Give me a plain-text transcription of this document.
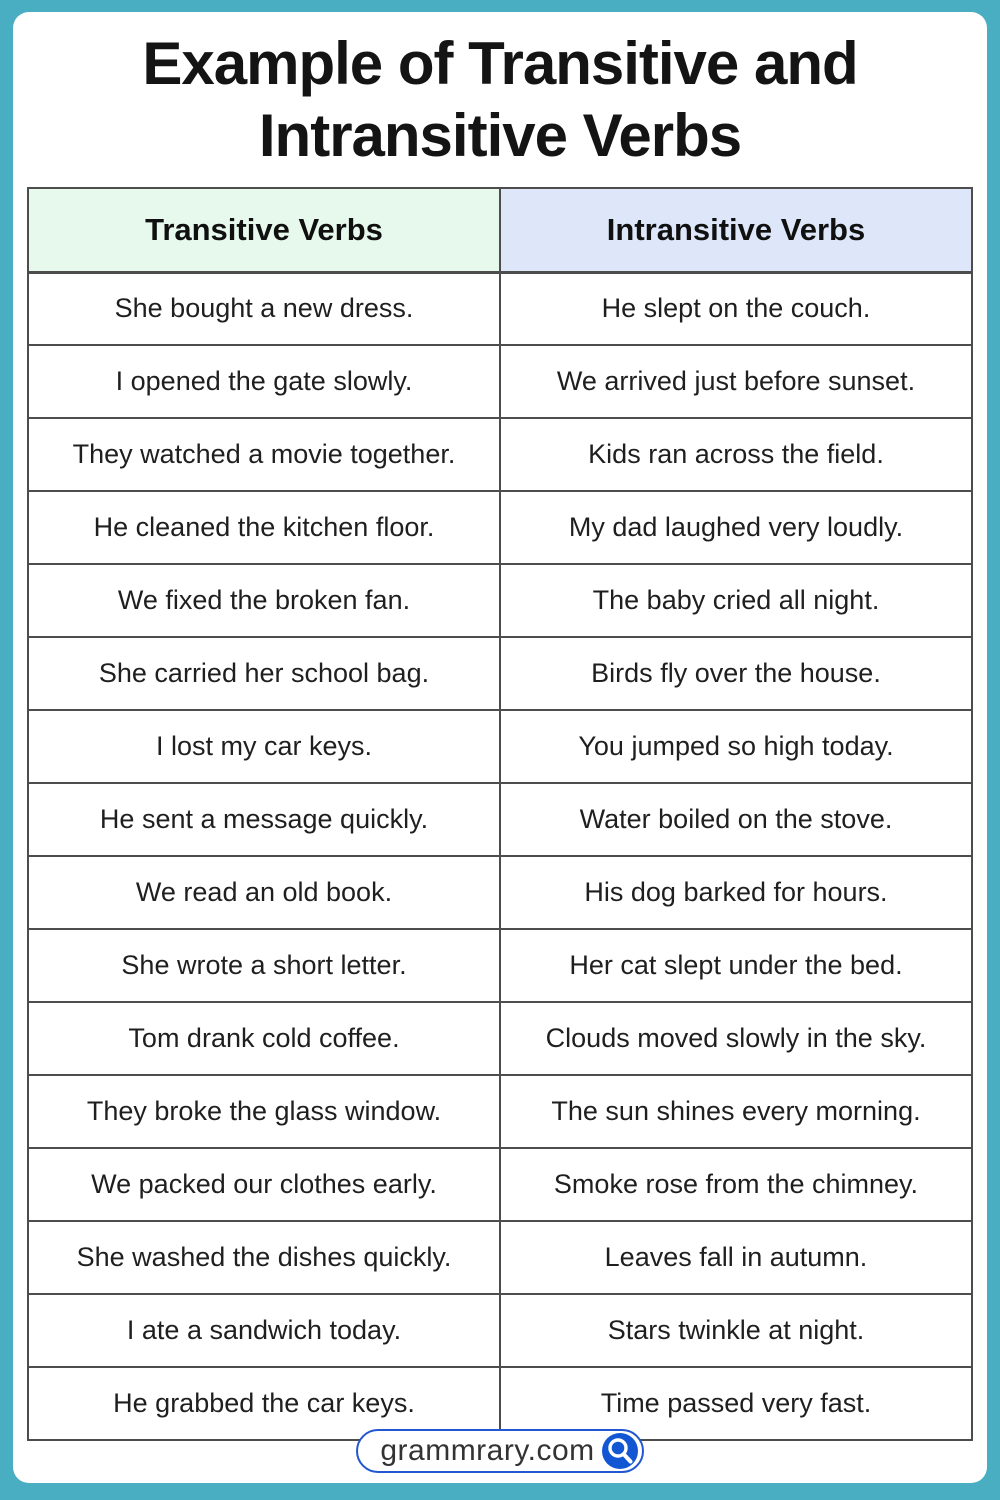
Example of Transitive and Intransitive Verbs
Transitive Verbs	Intransitive Verbs
She bought a new dress.	He slept on the couch.
I opened the gate slowly.	We arrived just before sunset.
They watched a movie together.	Kids ran across the field.
He cleaned the kitchen floor.	My dad laughed very loudly.
We fixed the broken fan.	The baby cried all night.
She carried her school bag.	Birds fly over the house.
I lost my car keys.	You jumped so high today.
He sent a message quickly.	Water boiled on the stove.
We read an old book.	His dog barked for hours.
She wrote a short letter.	Her cat slept under the bed.
Tom drank cold coffee.	Clouds moved slowly in the sky.
They broke the glass window.	The sun shines every morning.
We packed our clothes early.	Smoke rose from the chimney.
She washed the dishes quickly.	Leaves fall in autumn.
I ate a sandwich today.	Stars twinkle at night.
He grabbed the car keys.	Time passed very fast.
grammrary.com
